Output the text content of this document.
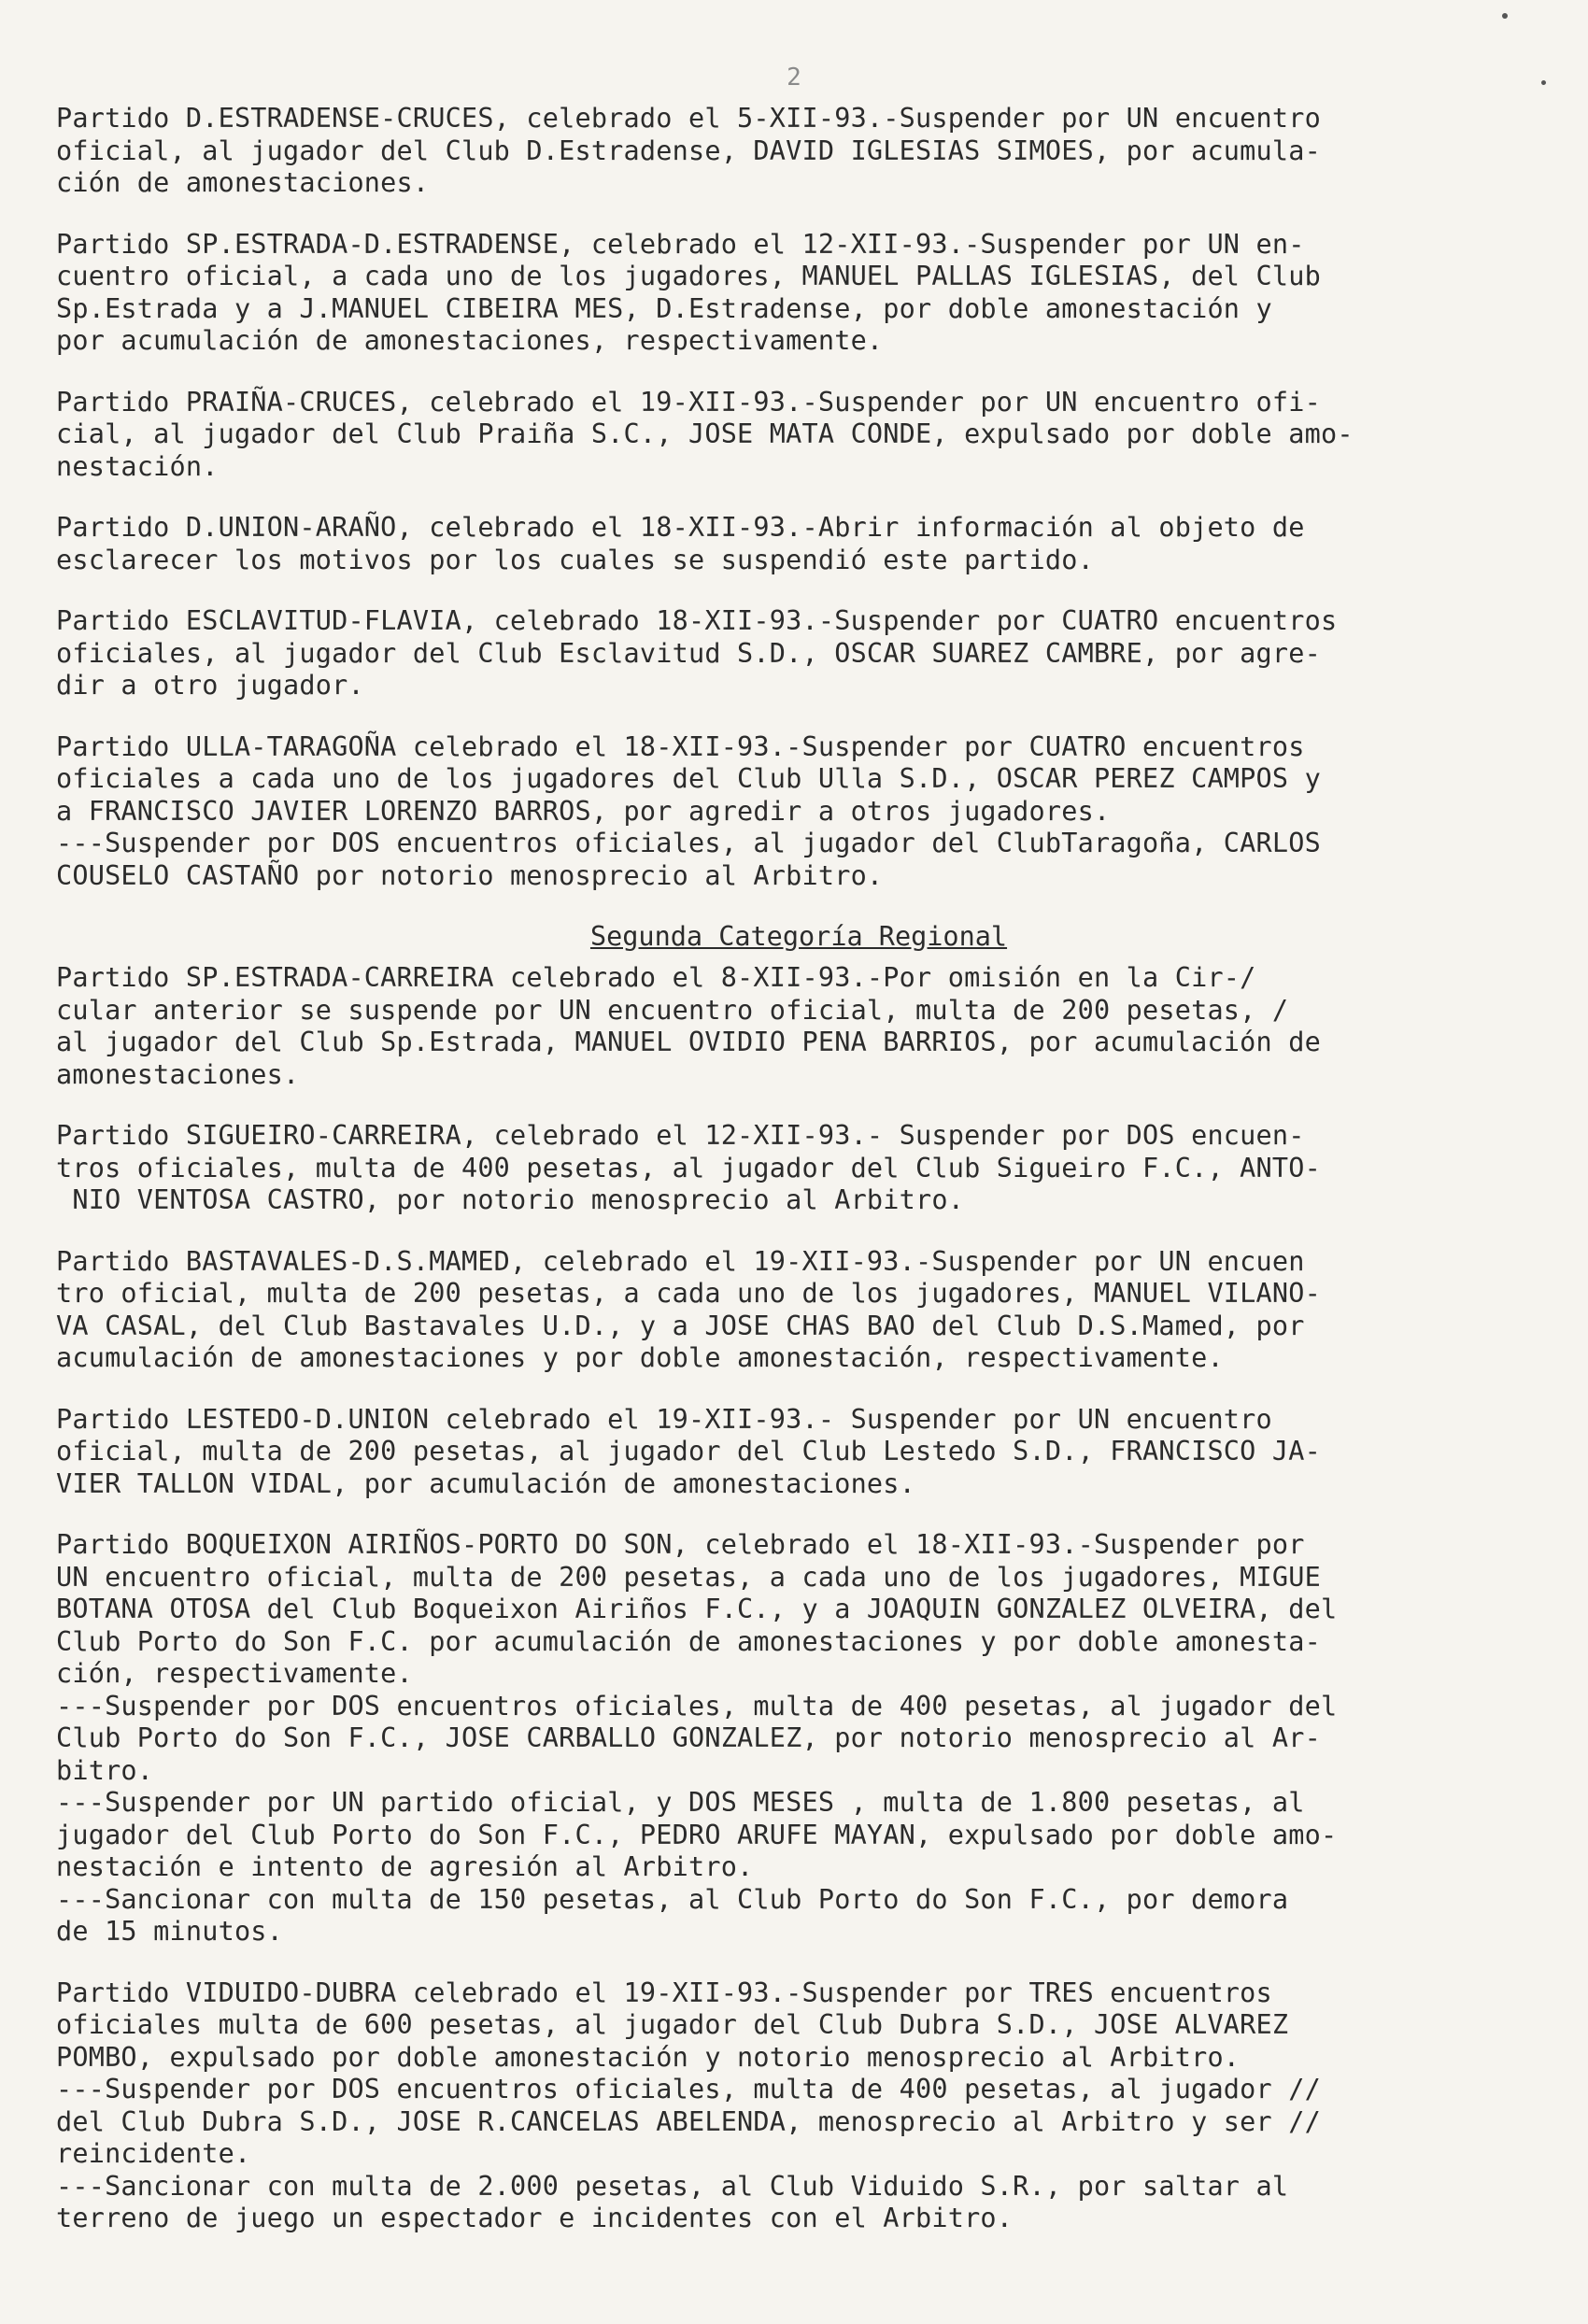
2
Partido D.ESTRADENSE-CRUCES, celebrado el 5-XII-93.-Suspender por UN encuentro
oficial, al jugador del Club D.Estradense, DAVID IGLESIAS SIMOES, por acumula-
ción de amonestaciones.
Partido SP.ESTRADA-D.ESTRADENSE, celebrado el 12-XII-93.-Suspender por UN en-
cuentro oficial, a cada uno de los jugadores, MANUEL PALLAS IGLESIAS, del Club
Sp.Estrada y a J.MANUEL CIBEIRA MES, D.Estradense, por doble amonestación y
por acumulación de amonestaciones, respectivamente.
Partido PRAIÑA-CRUCES, celebrado el 19-XII-93.-Suspender por UN encuentro ofi-
cial, al jugador del Club Praiña S.C., JOSE MATA CONDE, expulsado por doble amo-
nestación.
Partido D.UNION-ARAÑO, celebrado el 18-XII-93.-Abrir información al objeto de
esclarecer los motivos por los cuales se suspendió este partido.
Partido ESCLAVITUD-FLAVIA, celebrado 18-XII-93.-Suspender por CUATRO encuentros
oficiales, al jugador del Club Esclavitud S.D., OSCAR SUAREZ CAMBRE, por agre-
dir a otro jugador.
Partido ULLA-TARAGOÑA celebrado el 18-XII-93.-Suspender por CUATRO encuentros
oficiales a cada uno de los jugadores del Club Ulla S.D., OSCAR PEREZ CAMPOS y
a FRANCISCO JAVIER LORENZO BARROS, por agredir a otros jugadores.
---Suspender por DOS encuentros oficiales, al jugador del ClubTaragoña, CARLOS
COUSELO CASTAÑO por notorio menosprecio al Arbitro.
Segunda Categoría Regional
Partido SP.ESTRADA-CARREIRA celebrado el 8-XII-93.-Por omisión en la Cir-/
cular anterior se suspende por UN encuentro oficial, multa de 200 pesetas, /
al jugador del Club Sp.Estrada, MANUEL OVIDIO PENA BARRIOS, por acumulación de
amonestaciones.
Partido SIGUEIRO-CARREIRA, celebrado el 12-XII-93.- Suspender por DOS encuen-
tros oficiales, multa de 400 pesetas, al jugador del Club Sigueiro F.C., ANTO-
NIO VENTOSA CASTRO, por notorio menosprecio al Arbitro.
Partido BASTAVALES-D.S.MAMED, celebrado el 19-XII-93.-Suspender por UN encuen
tro oficial, multa de 200 pesetas, a cada uno de los jugadores, MANUEL VILANO-
VA CASAL, del Club Bastavales U.D., y a JOSE CHAS BAO del Club D.S.Mamed, por
acumulación de amonestaciones y por doble amonestación, respectivamente.
Partido LESTEDO-D.UNION celebrado el 19-XII-93.- Suspender por UN encuentro
oficial, multa de 200 pesetas, al jugador del Club Lestedo S.D., FRANCISCO JA-
VIER TALLON VIDAL, por acumulación de amonestaciones.
Partido BOQUEIXON AIRIÑOS-PORTO DO SON, celebrado el 18-XII-93.-Suspender por
UN encuentro oficial, multa de 200 pesetas, a cada uno de los jugadores, MIGUE
BOTANA OTOSA del Club Boqueixon Airiños F.C., y a JOAQUIN GONZALEZ OLVEIRA, del
Club Porto do Son F.C. por acumulación de amonestaciones y por doble amonesta-
ción, respectivamente.
---Suspender por DOS encuentros oficiales, multa de 400 pesetas, al jugador del
Club Porto do Son F.C., JOSE CARBALLO GONZALEZ, por notorio menosprecio al Ar-
bitro.
---Suspender por UN partido oficial, y DOS MESES , multa de 1.800 pesetas, al
jugador del Club Porto do Son F.C., PEDRO ARUFE MAYAN, expulsado por doble amo-
nestación e intento de agresión al Arbitro.
---Sancionar con multa de 150 pesetas, al Club Porto do Son F.C., por demora
de 15 minutos.
Partido VIDUIDO-DUBRA celebrado el 19-XII-93.-Suspender por TRES encuentros
oficiales multa de 600 pesetas, al jugador del Club Dubra S.D., JOSE ALVAREZ
POMBO, expulsado por doble amonestación y notorio menosprecio al Arbitro.
---Suspender por DOS encuentros oficiales, multa de 400 pesetas, al jugador //
del Club Dubra S.D., JOSE R.CANCELAS ABELENDA, menosprecio al Arbitro y ser //
reincidente.
---Sancionar con multa de 2.000 pesetas, al Club Viduido S.R., por saltar al
terreno de juego un espectador e incidentes con el Arbitro.
